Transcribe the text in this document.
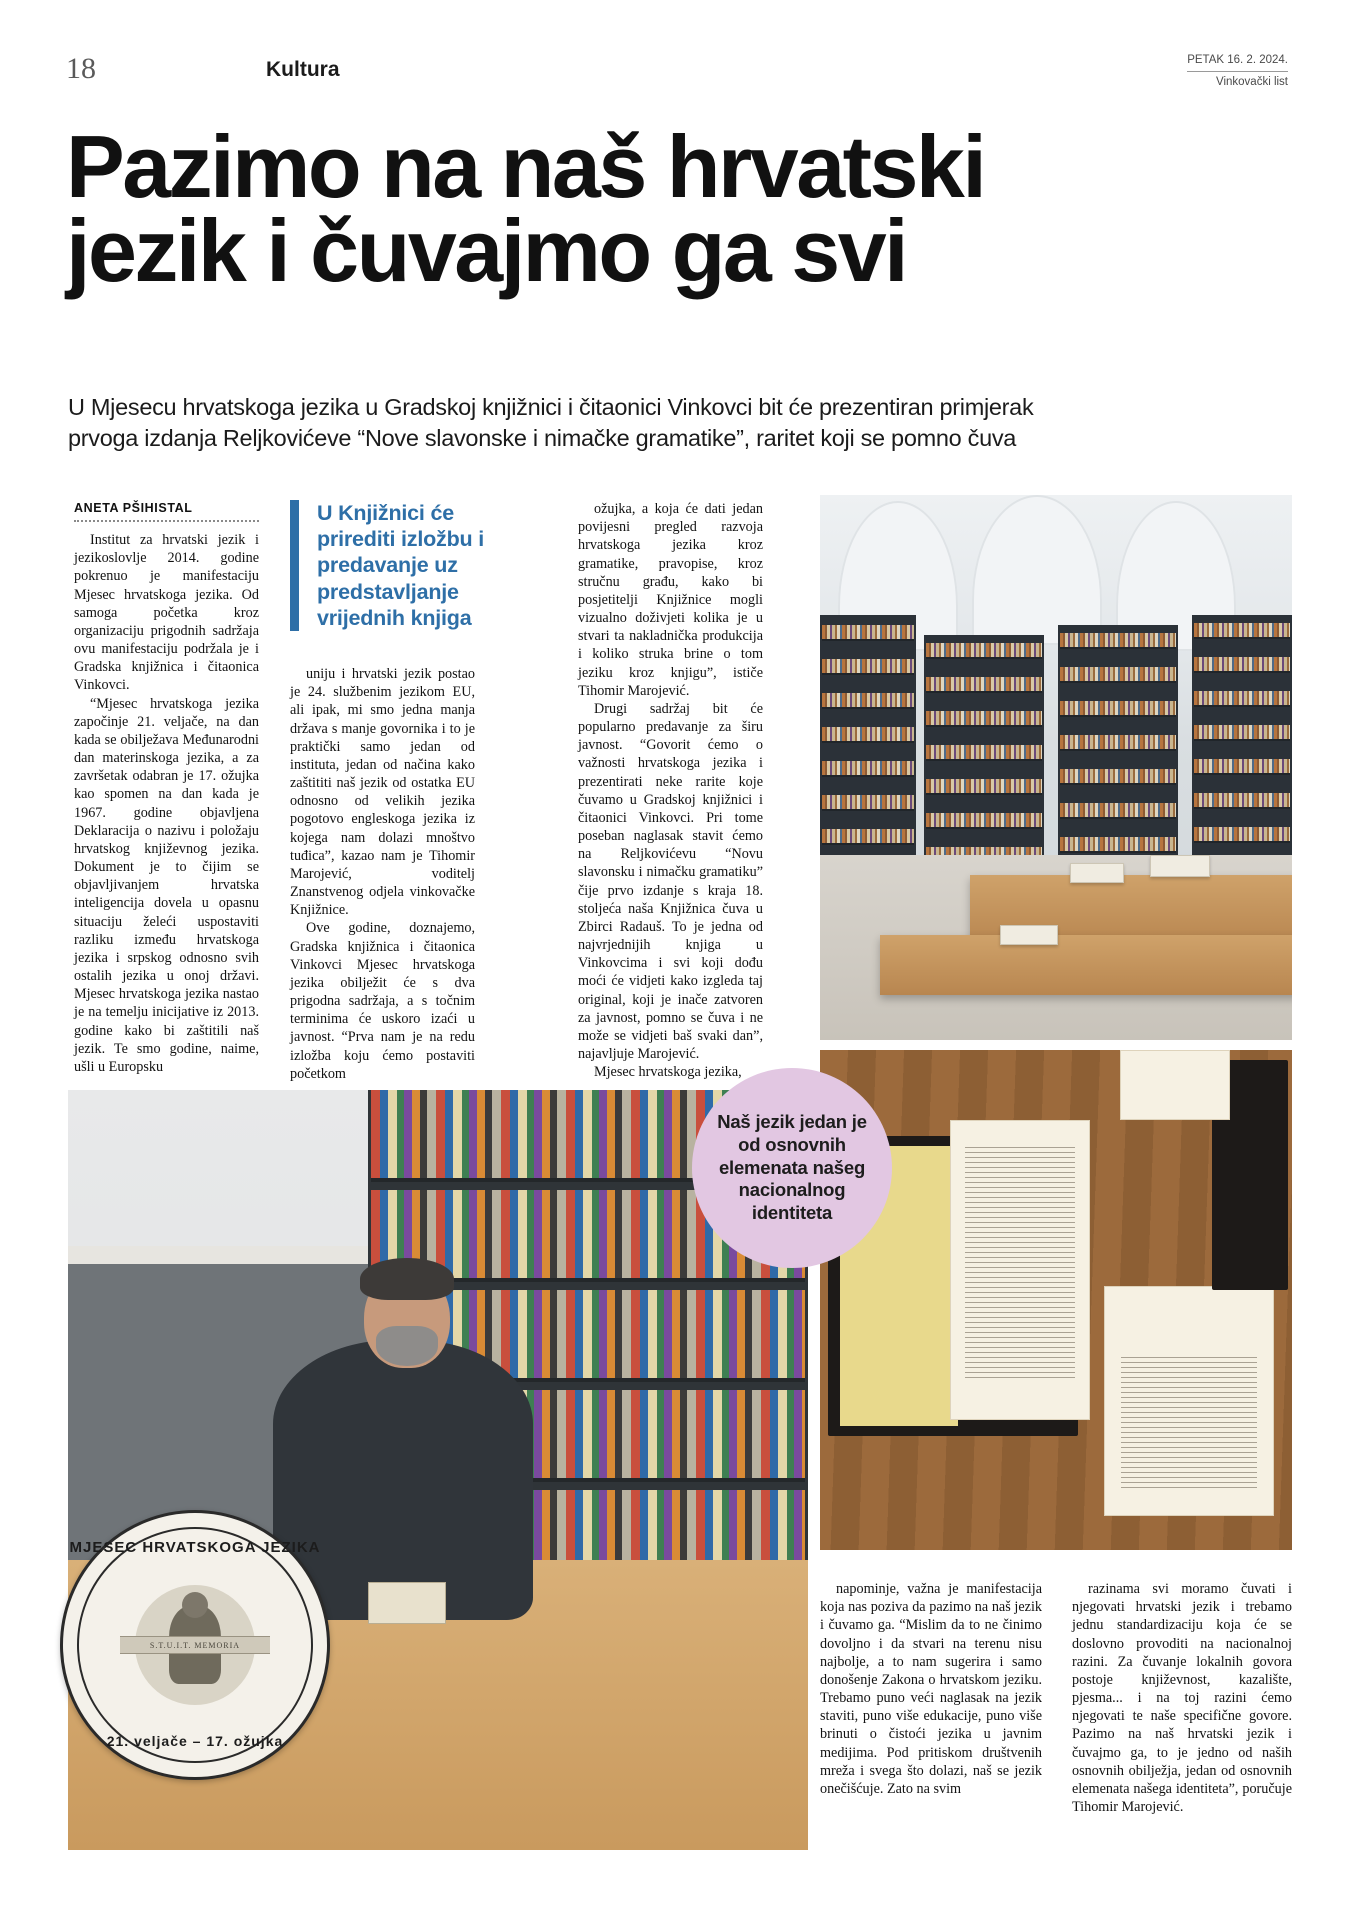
18	Kultura	PETAK 16. 2. 2024.
Vinkovački list
Pazimo na naš hrvatski
jezik i čuvajmo ga svi
U Mjesecu hrvatskoga jezika u Gradskoj knjižnici i čitaonici Vinkovci bit će prezentiran primjerak
prvoga izdanja Reljkovićeve “Nove slavonske i nimačke gramatike”, raritet koji se pomno čuva
ANETA PŠIHISTAL

Institut za hrvatski jezik i jezikoslovlje 2014. godine pokrenuo je manifestaciju Mjesec hrvatskoga jezika. Od samoga početka kroz organizaciju prigodnih sadržaja ovu manifestaciju podržala je i Gradska knjižnica i čitaonica Vinkovci.

“Mjesec hrvatskoga jezika započinje 21. veljače, na dan kada se obilježava Međunarodni dan materinskoga jezika, a za završetak odabran je 17. ožujka kao spomen na dan kada je 1967. godine objavljena Deklaracija o nazivu i položaju hrvatskog književnog jezika. Dokument je to čijim se objavljivanjem hrvatska inteligencija dovela u opasnu situaciju želeći uspostaviti razliku između hrvatskoga jezika i srpskog odnosno svih ostalih jezika u onoj državi. Mjesec hrvatskoga jezika nastao je na temelju inicijative iz 2013. godine kako bi zaštitili naš jezik. Te smo godine, naime, ušli u Europsku

U Knjižnici će prirediti izložbu i predavanje uz predstavljanje vrijednih knjiga

uniju i hrvatski jezik postao je 24. službenim jezikom EU, ali ipak, mi smo jedna manja država s manje govornika i to je praktički samo jedan od instituta, jedan od načina kako zaštititi naš jezik od ostatka EU odnosno od velikih jezika pogotovo engleskoga jezika iz kojega nam dolazi mnoštvo tuđica”, kazao nam je Tihomir Marojević, voditelj Znanstvenog odjela vinkovačke Knjižnice.

Ove godine, doznajemo, Gradska knjižnica i čitaonica Vinkovci Mjesec hrvatskoga jezika obilježit će s dva prigodna sadržaja, a s točnim terminima će uskoro izaći u javnost. “Prva nam je na redu izložba koju ćemo postaviti početkom

ožujka, a koja će dati jedan povijesni pregled razvoja hrvatskoga jezika kroz gramatike, pravopise, kroz stručnu građu, kako bi posjetitelji Knjižnice mogli vizualno doživjeti kolika je u stvari ta nakladnička produkcija i koliko struka brine o tom jeziku kroz knjigu”, ističe Tihomir Marojević.

Drugi sadržaj bit će popularno predavanje za širu javnost. “Govorit ćemo o važnosti hrvatskoga jezika i prezentirati neke rarite koje čuvamo u Gradskoj knjižnici i čitaonici Vinkovci. Pri tome poseban naglasak stavit ćemo na Reljkovićevu “Novu slavonsku i nimačku gramatiku” čije prvo izdanje s kraja 18. stoljeća naša Knjižnica čuva u Zbirci Radauš. To je jedna od najvrjednijih knjiga u Vinkovcima i svi koji dođu moći će vidjeti kako izgleda taj original, koji je inače zatvoren za javnost, pomno se čuva i ne može se vidjeti baš svaki dan”, najavljuje Marojević.

Mjesec hrvatskoga jezika,

Naš jezik jedan je od osnovnih elemenata našeg nacionalnog identiteta
MJESEC HRVATSKOGA JEZIKA
S.T.U.I.T. MEMORIA
21. veljače – 17. ožujka

napominje, važna je manifestacija koja nas poziva da pazimo na naš jezik i čuvamo ga. “Mislim da to ne činimo dovoljno i da stvari na terenu nisu najbolje, a to nam sugerira i samo donošenje Zakona o hrvatskom jeziku. Trebamo puno veći naglasak na jezik staviti, puno više edukacije, puno više brinuti o čistoći jezika u javnim medijima. Pod pritiskom društvenih mreža i svega što dolazi, naš se jezik onečišćuje. Zato na svim

razinama svi moramo čuvati i njegovati hrvatski jezik i trebamo jednu standardizaciju koja će se doslovno provoditi na nacionalnoj razini. Za čuvanje lokalnih govora postoje književnost, kazalište, pjesma... i na toj razini ćemo njegovati te naše specifične govore. Pazimo na naš hrvatski jezik i čuvajmo ga, to je jedno od naših osnovnih obilježja, jedan od osnovnih elemenata našega identiteta”, poručuje Tihomir Marojević.
